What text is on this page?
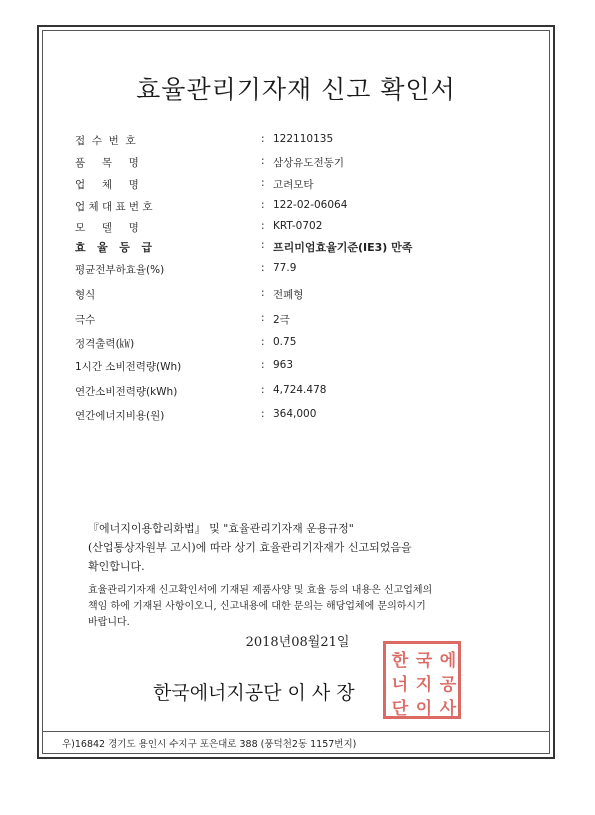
효율관리기자재 신고 확인서
접  수  번  호	: 122110135
품     목     명	: 삼상유도전동기
업     체     명	: 고려모타
업 체 대 표 번 호	: 122-02-06064
모     델     명	: KRT-0702
효   율   등   급	: 프리미엄효율기준(IE3) 만족
평균전부하효율(%)	: 77.9
형식	: 전폐형
극수	: 2극
정격출력(㎾)	: 0.75
1시간 소비전력량(Wh)	: 963
연간소비전력량(kWh)	: 4,724.478
연간에너지비용(원)	: 364,000
『에너지이용합리화법』 및 "효율관리기자재 운용규정"
(산업통상자원부 고시)에 따라 상기 효율관리기자재가 신고되었음을
확인합니다.
효율관리기자재 신고확인서에 기재된 제품사양 및 효율 등의 내용은 신고업체의
책임 하에 기재된 사항이오니, 신고내용에 대한 문의는 해당업체에 문의하시기
바랍니다.
2018년08월21일
한국에너지공단 이 사 장
한 국 에
너 지 공
단 이 사
우)16842 경기도 용인시 수지구 포은대로 388 (풍덕천2동 1157번지)
